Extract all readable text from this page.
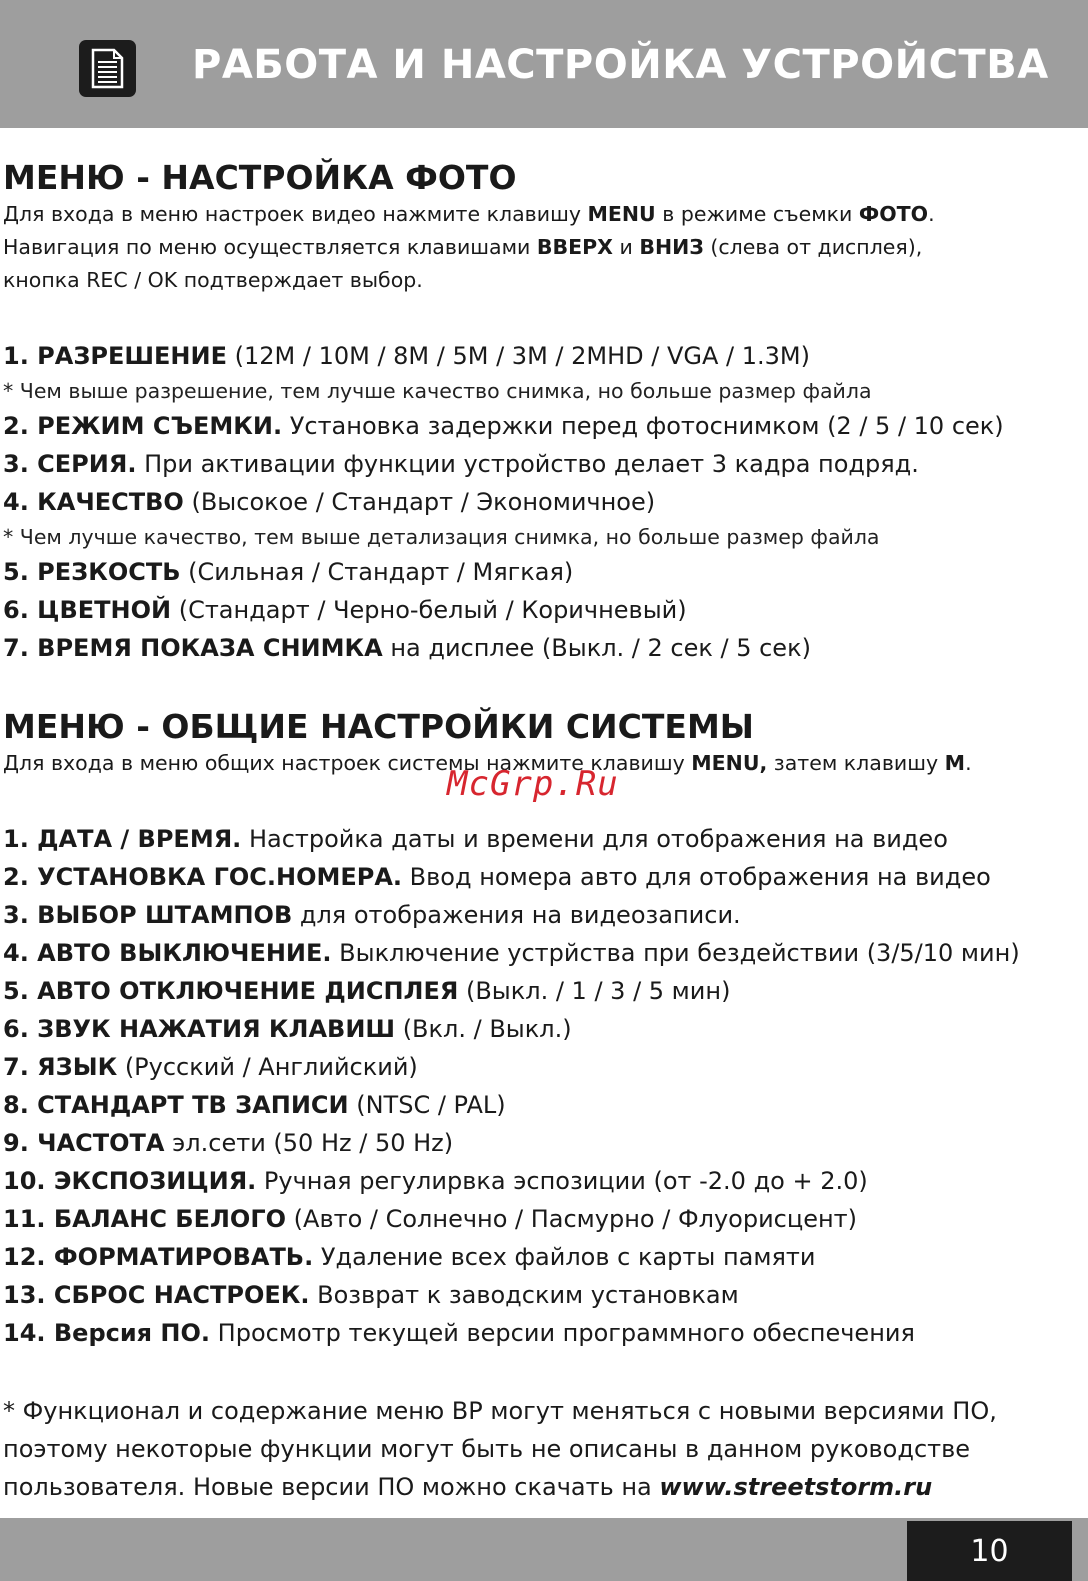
РАБОТА И НАСТРОЙКА УСТРОЙСТВА
МЕНЮ - НАСТРОЙКА ФОТО
Для входа в меню настроек видео нажмите клавишу MENU в режиме съемки ФОТО.
Навигация по меню осуществляется клавишами ВВЕРХ и ВНИЗ (слева от дисплея),
кнопка REC / OK подтверждает выбор.
1. РАЗРЕШЕНИЕ (12M / 10M / 8M / 5M / 3M / 2MHD / VGA / 1.3M)
* Чем выше разрешение, тем лучше качество снимка, но больше размер файла
2. РЕЖИМ СЪЕМКИ. Установка задержки перед фотоснимком (2 / 5 / 10 сек)
3. СЕРИЯ. При активации функции устройство делает 3 кадра подряд.
4. КАЧЕСТВО (Высокое / Стандарт / Экономичное)
* Чем лучше качество, тем выше детализация снимка, но больше размер файла
5. РЕЗКОСТЬ (Сильная / Стандарт / Мягкая)
6. ЦВЕТНОЙ (Стандарт / Черно-белый / Коричневый)
7. ВРЕМЯ ПОКАЗА СНИМКА на дисплее (Выкл. / 2 сек / 5 сек)
МЕНЮ - ОБЩИЕ НАСТРОЙКИ СИСТЕМЫ
Для входа в меню общих настроек системы нажмите клавишу MENU, затем клавишу M.
1. ДАТА / ВРЕМЯ. Настройка даты и времени для отображения на видео
2. УСТАНОВКА ГОС.НОМЕРА. Ввод номера авто для отображения на видео
3. ВЫБОР ШТАМПОВ для отображения на видеозаписи.
4. АВТО ВЫКЛЮЧЕНИЕ. Выключение устрйства при бездействии (3/5/10 мин)
5. АВТО ОТКЛЮЧЕНИЕ ДИСПЛЕЯ (Выкл. / 1 / 3 / 5 мин)
6. ЗВУК НАЖАТИЯ КЛАВИШ (Вкл. / Выкл.)
7. ЯЗЫК (Русский / Английский)
8. СТАНДАРТ ТВ ЗАПИСИ (NTSC / PAL)
9. ЧАСТОТА эл.сети (50 Hz / 50 Hz)
10. ЭКСПОЗИЦИЯ. Ручная регулирвка эспозиции (от -2.0 до + 2.0)
11. БАЛАНС БЕЛОГО (Авто / Солнечно / Пасмурно / Флуорисцент)
12. ФОРМАТИРОВАТЬ. Удаление всех файлов с карты памяти
13. СБРОС НАСТРОЕК. Возврат к заводским установкам
14. Версия ПО. Просмотр текущей версии программного обеспечения
* Функционал и содержание меню ВР могут меняться с новыми версиями ПО,
поэтому некоторые функции могут быть не описаны в данном руководстве
пользователя. Новые версии ПО можно скачать на www.streetstorm.ru
McGrp.Ru
10
